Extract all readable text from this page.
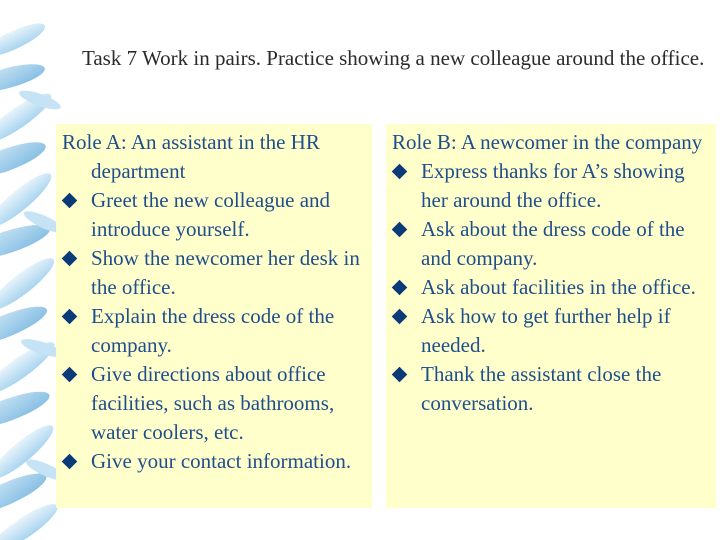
Task 7 Work in pairs. Practice showing a new colleague around the office.
Role A: An assistant in the HR department
Greet the new colleague and introduce yourself.
Show the newcomer her desk in the office.
Explain the dress code of the company.
Give directions about office facilities, such as bathrooms, water coolers, etc.
Give your contact information.
Role B: A newcomer in the company
Express thanks for A’s showing her around the office.
Ask about the dress code of the and company.
Ask about facilities in the office.
Ask how to get further help if needed.
Thank the assistant close the conversation.
